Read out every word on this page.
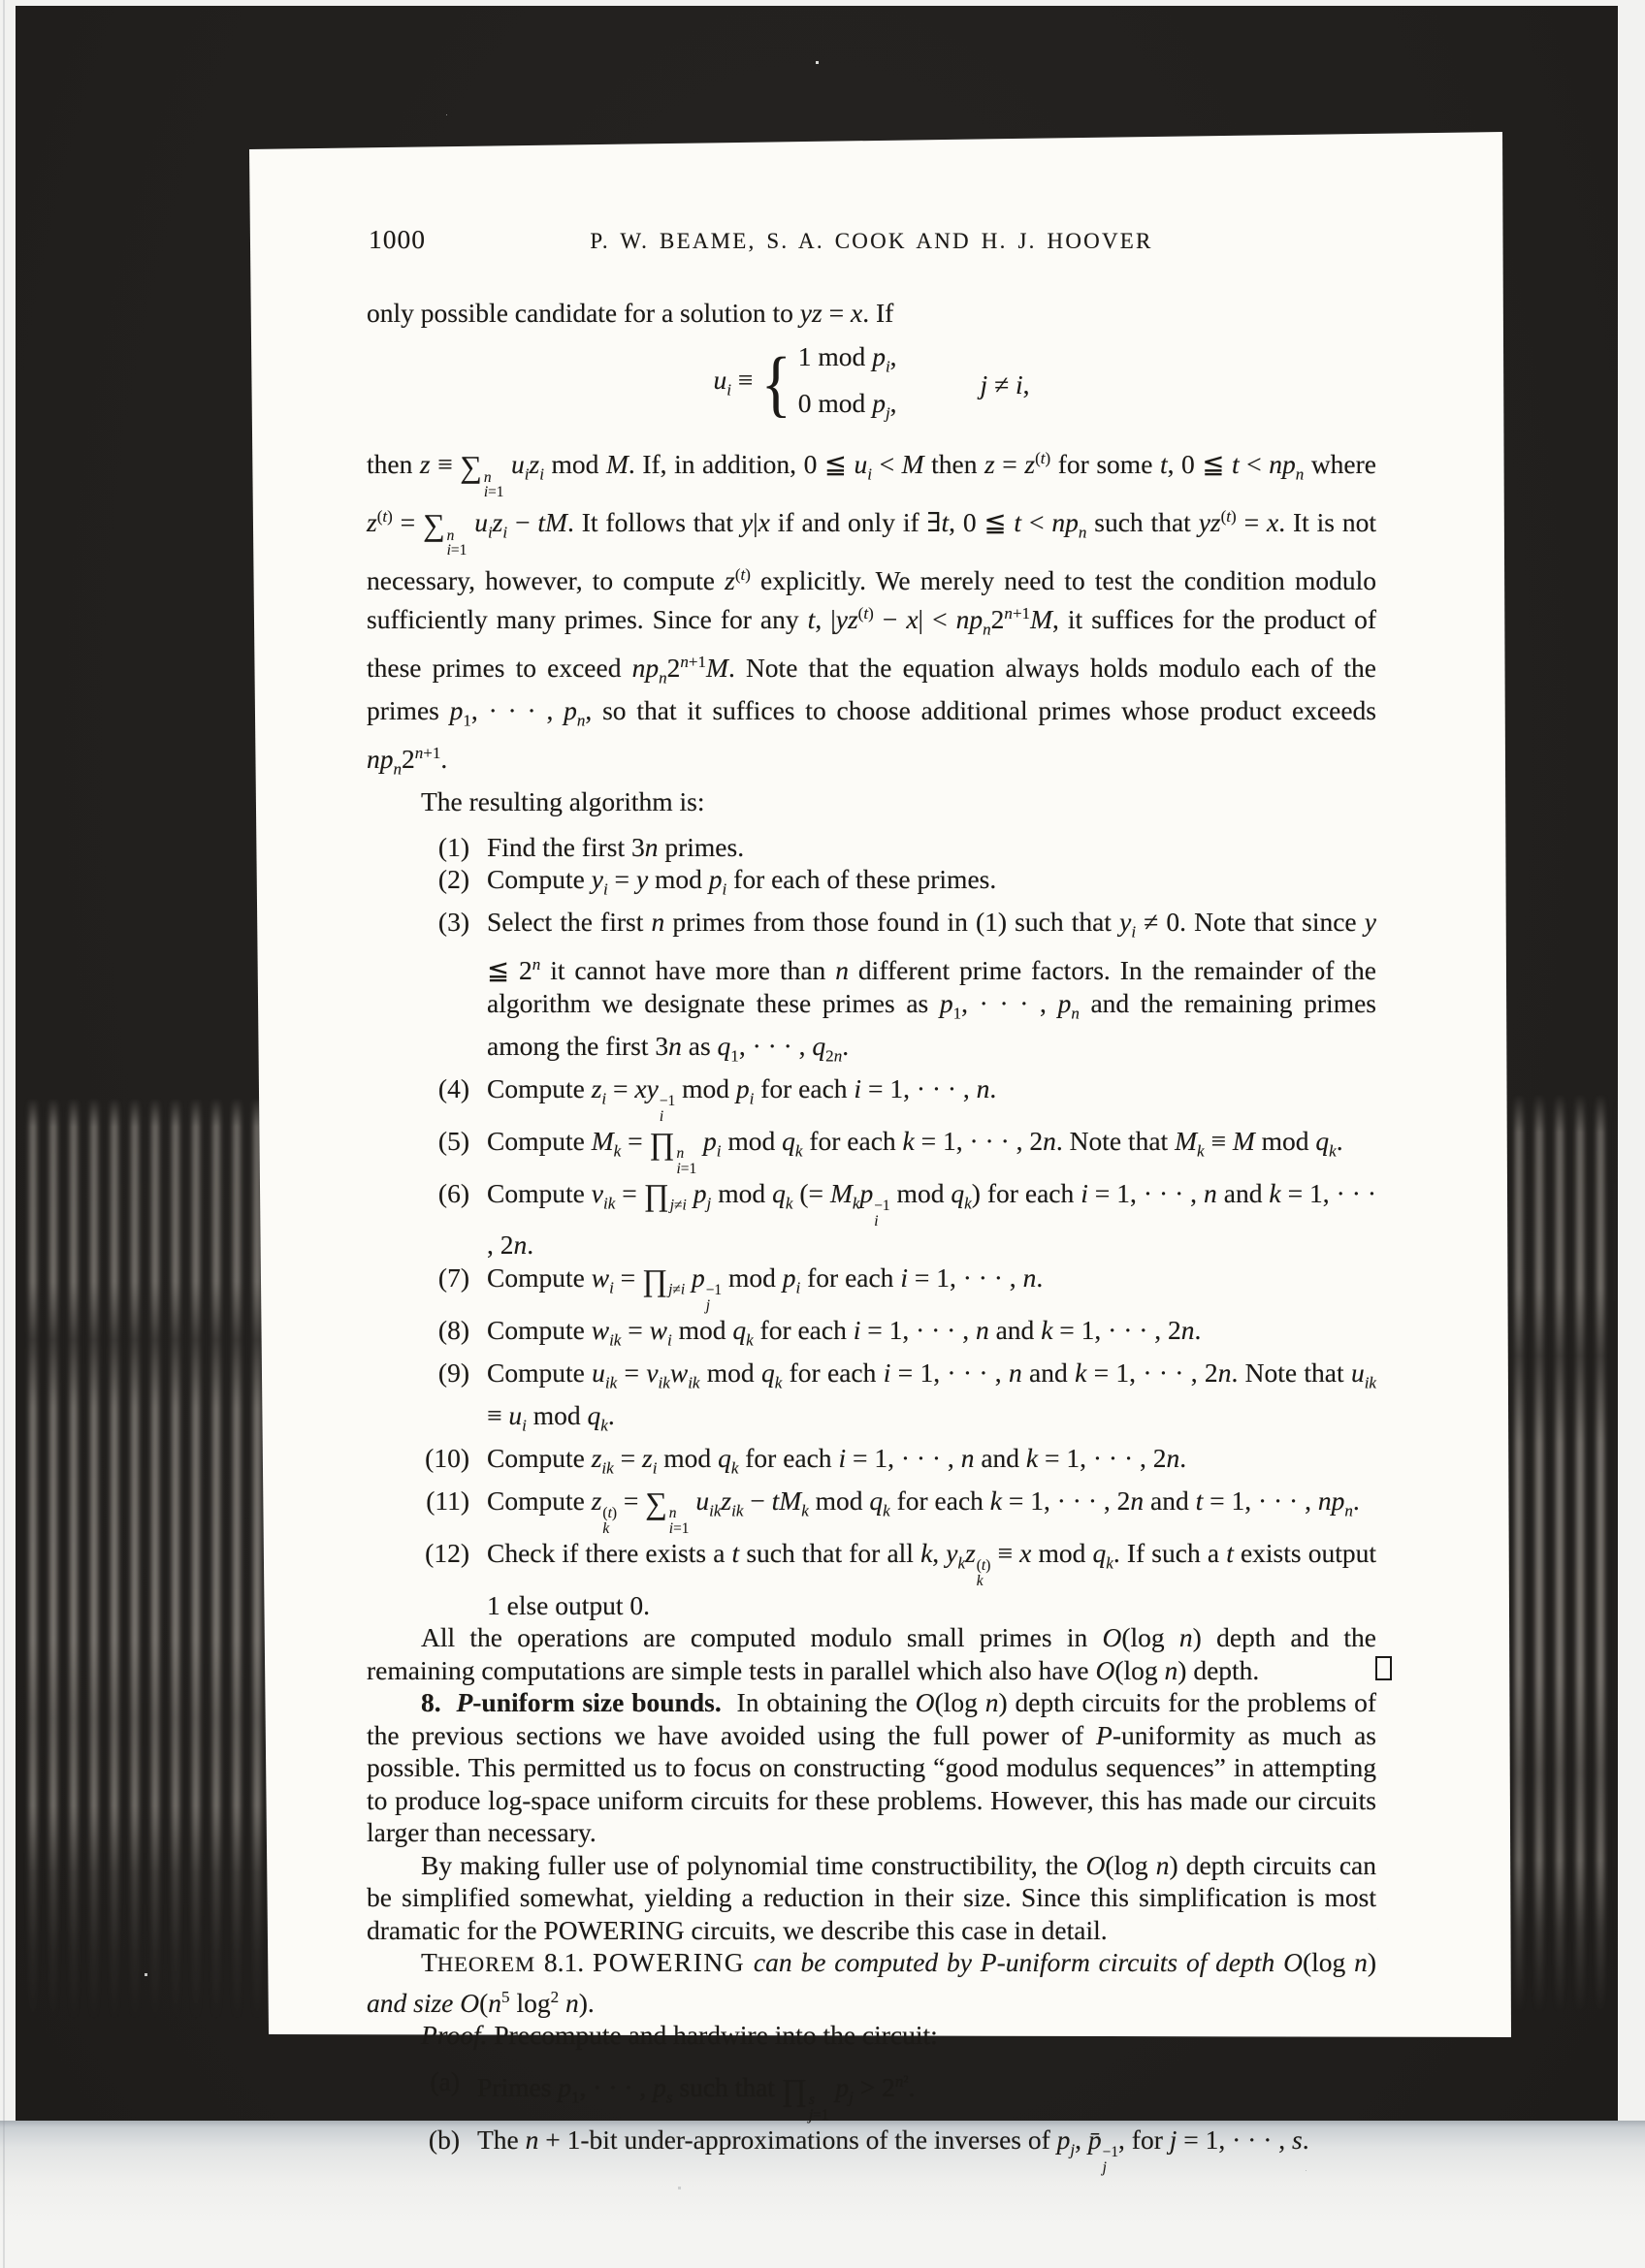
1000	P. W. BEAME, S. A. COOK AND H. J. HOOVER

only possible candidate for a solution to yz = x. If

$u_i$ ≡ { 1 mod $p_i$,
0 mod $p_j$,
j ≠ i,

then z ≡ ∑ n
i=1
$u_iz_i$ mod M. If, in addition, 0 ≦ $u_i < M$ then $z = z^{(t)}$ for some t, 0 ≦ $t < np_n$ where $z^{(t)}$ = ∑ n
i=1
$u_iz_i$ − tM. It follows that y|x if and only if ∃t, 0 ≦ $t < np_n$ such that $yz^{(t)} = x$. It is not necessary, however, to compute $z^{(t)}$ explicitly. We merely need to test the condition modulo sufficiently many primes. Since for any t, $|yz^{(t)} - x| < np_n2^{n+1}M$, it suffices for the product of these primes to exceed $np_n2^{n+1}M$. Note that the equation always holds modulo each of the primes $p_1$, · · · , $p_n$, so that it suffices to choose additional primes whose product exceeds $np_n2^{n+1}$.

The resulting algorithm is:

(1) Find the first 3n primes.
(2) Compute $y_i = y$ mod $p_i$ for each of these primes.
(3) Select the first n primes from those found in (1) such that $y_i \ne 0$. Note that since y ≦ 2$^n$ it cannot have more than n different prime factors. In the remainder of the algorithm we designate these primes as $p_1$, · · · , $p_n$ and the remaining primes among the first 3n as $q_1$, · · · , $q_{2n}$.
(4) Compute $z_i$ = xy −1
i
mod $p_i$ for each i = 1, · · · , n.
(5) Compute $M_k$ = ∏ n
i=1
$p_i$ mod $q_k$ for each k = 1, · · · , 2n. Note that $M_k \equiv M$ mod $q_k$.
(6) Compute $\nu_{ik}$ = $\prod_{j\ne i}$ $p_j$ mod $q_k$ (= $M_kp -1$
i
mod $q_k$) for each i = 1, · · · , n and k = 1, · · · , 2n.
(7) Compute $w_i$ = $\prod_{j\ne i}$ p −1
j
mod $p_i$ for each i = 1, · · · , n.
(8) Compute $w_{ik} = w_i$ mod $q_k$ for each i = 1, · · · , n and k = 1, · · · , 2n.
(9) Compute $u_{ik} = \nu_{ik}w_{ik}$ mod $q_k$ for each i = 1, · · · , n and k = 1, · · · , 2n. Note that $u_{ik} \equiv u_i$ mod $q_k$.
(10) Compute $z_{ik} = z_i$ mod $q_k$ for each i = 1, · · · , n and k = 1, · · · , 2n.
(11) Compute z (t)
k
= ∑ n
i=1
$u_{ik}z_{ik} - tM_k$ mod $q_k$ for each k = 1, · · · , 2n and t = 1, · · · , $np_n$.
(12) Check if there exists a t such that for all k, $y_kz$ (t)
k
≡ x mod $q_k$. If such a t exists output 1 else output 0.

All the operations are computed modulo small primes in O(log n) depth and the remaining computations are simple tests in parallel which also have O(log n) depth.

8.  P-uniform size bounds.  In obtaining the O(log n) depth circuits for the problems of the previous sections we have avoided using the full power of P-uniformity as much as possible. This permitted us to focus on constructing “good modulus sequences” in attempting to produce log-space uniform circuits for these problems. However, this has made our circuits larger than necessary.

By making fuller use of polynomial time constructibility, the O(log n) depth circuits can be simplified somewhat, yielding a reduction in their size. Since this simplification is most dramatic for the POWERING circuits, we describe this case in detail.

THEOREM 8.1. POWERING can be computed by P-uniform circuits of depth O(log n) and size $O(n^5$ $\log^2 n$).

Proof. Precompute and hardwire into the circuit:

(a) Primes $p_1$, · · · , $p_s$ such that ∏ s
j=1
$p_j > 2^{n^2}$.
(b) The n + 1-bit under-approximations of the inverses of $p_j$, p̄ −1
j
, for j = 1, · · · , s.
